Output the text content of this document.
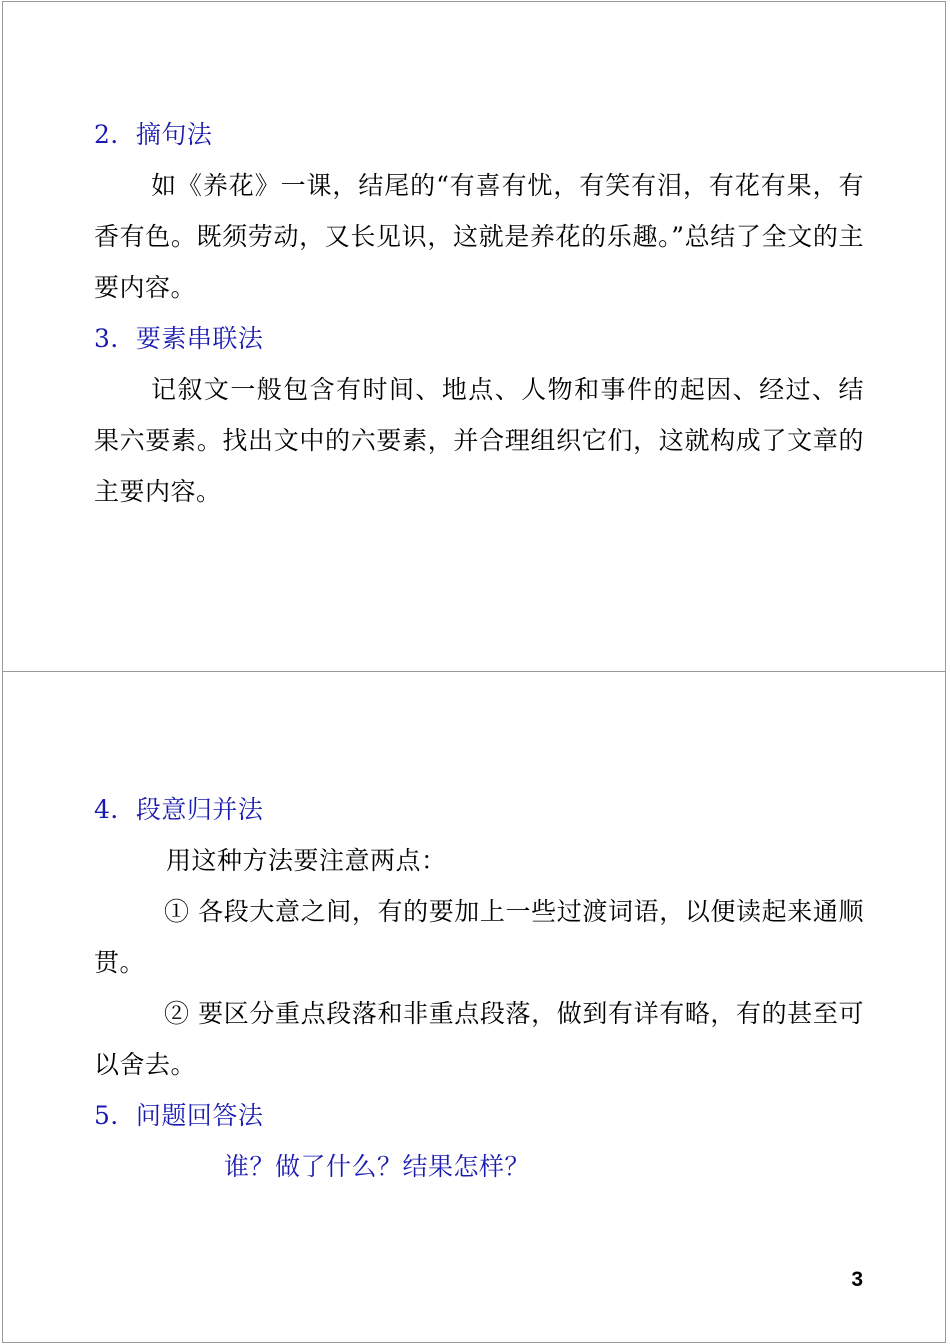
2．摘句法

如《养花》一课，结尾的“有喜有忧，有笑有泪，有花有果，有香有色。既须劳动，又长见识，这就是养花的乐趣。”总结了全文的主要内容。

3．要素串联法

记叙文一般包含有时间、地点、人物和事件的起因、经过、结果六要素。找出文中的六要素，并合理组织它们，这就构成了文章的主要内容。

4．段意归并法
用这种方法要注意两点：

① 各段大意之间，有的要加上一些过渡词语，以便读起来通顺贯。

② 要区分重点段落和非重点段落，做到有详有略，有的甚至可以舍去。

5．问题回答法
谁？做了什么？结果怎样？
3
